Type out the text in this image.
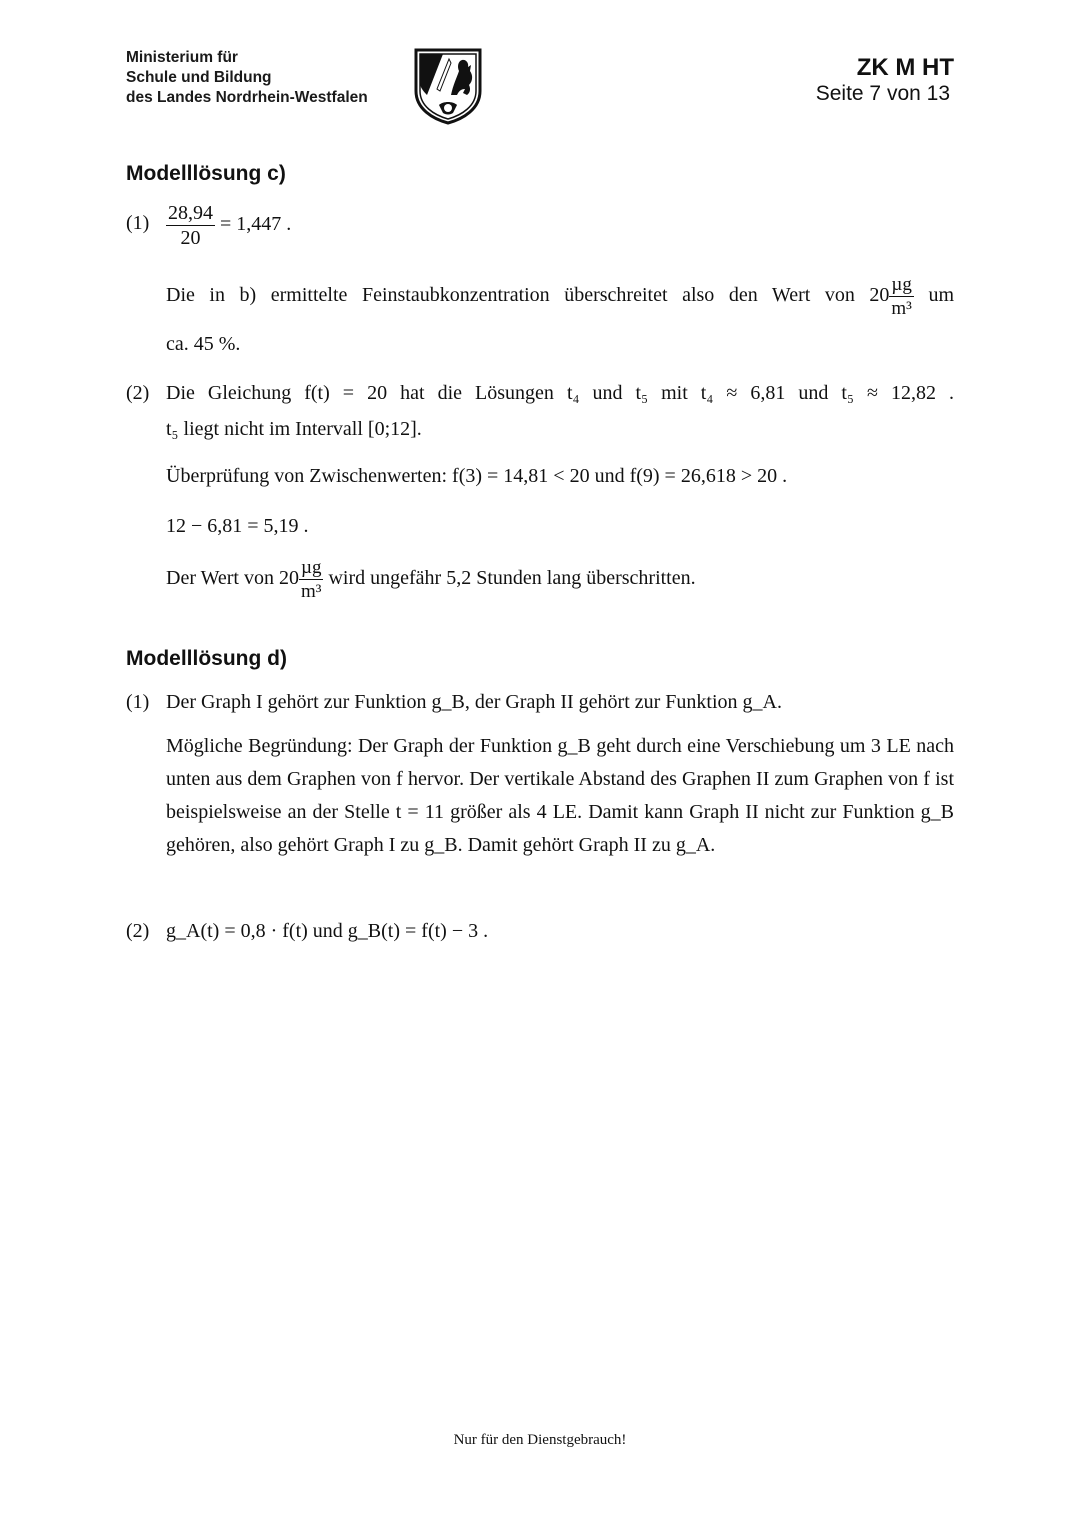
Ministerium für
Schule und Bildung
des Landes Nordrhein-Westfalen
ZK M HT
Seite 7 von 13
Modelllösung c)
$(1) \frac{28,94}{20} = 1,447$ .
Die in b) ermittelte Feinstaubkonzentration überschreitet also den Wert von $20 \frac{\text{µg}}{\text{m³}}$ um
ca. 45 %.
(2) Die Gleichung f(t) = 20 hat die Lösungen t₄ und t₅ mit t₄ ≈ 6,81 und t₅ ≈ 12,82 .
t₅ liegt nicht im Intervall [0;12].
Überprüfung von Zwischenwerten: f(3) = 14,81 < 20 und f(9) = 26,618 > 20 .
12 − 6,81 = 5,19 .
Der Wert von $20 \frac{\text{µg}}{\text{m³}}$ wird ungefähr 5,2 Stunden lang überschritten.
Modelllösung d)
(1) Der Graph I gehört zur Funktion g_B, der Graph II gehört zur Funktion g_A.
Mögliche Begründung: Der Graph der Funktion g_B geht durch eine Verschiebung um 3 LE nach unten aus dem Graphen von f hervor. Der vertikale Abstand des Graphen II zum Graphen von f ist beispielsweise an der Stelle t = 11 größer als 4 LE. Damit kann Graph II nicht zur Funktion g_B gehören, also gehört Graph I zu g_B. Damit gehört Graph II zu g_A.
(2) g_A(t) = 0,8 · f(t) und g_B(t) = f(t) − 3 .
Nur für den Dienstgebrauch!
